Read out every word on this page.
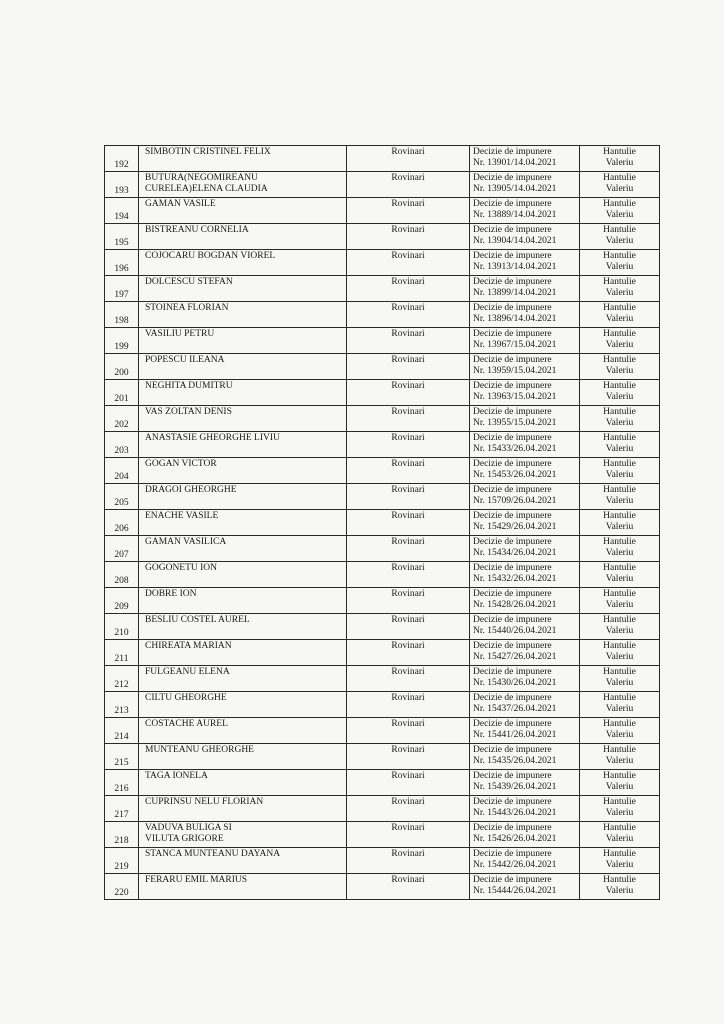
192	SIMBOTIN CRISTINEL FELIX	Rovinari	Decizie de impunere
Nr. 13901/14.04.2021	Hantulie
Valeriu

193	BUTURA(NEGOMIREANU
CURELEA)ELENA CLAUDIA	Rovinari	Decizie de impunere
Nr. 13905/14.04.2021	Hantulie
Valeriu

194	GAMAN VASILE	Rovinari	Decizie de impunere
Nr. 13889/14.04.2021	Hantulie
Valeriu

195	BISTREANU CORNELIA	Rovinari	Decizie de impunere
Nr. 13904/14.04.2021	Hantulie
Valeriu

196	COJOCARU BOGDAN VIOREL	Rovinari	Decizie de impunere
Nr. 13913/14.04.2021	Hantulie
Valeriu

197	DOLCESCU STEFAN	Rovinari	Decizie de impunere
Nr. 13899/14.04.2021	Hantulie
Valeriu

198	STOINEA FLORIAN	Rovinari	Decizie de impunere
Nr. 13896/14.04.2021	Hantulie
Valeriu

199	VASILIU PETRU	Rovinari	Decizie de impunere
Nr. 13967/15.04.2021	Hantulie
Valeriu

200	POPESCU ILEANA	Rovinari	Decizie de impunere
Nr. 13959/15.04.2021	Hantulie
Valeriu

201	NEGHITA DUMITRU	Rovinari	Decizie de impunere
Nr. 13963/15.04.2021	Hantulie
Valeriu

202	VAS ZOLTAN DENIS	Rovinari	Decizie de impunere
Nr. 13955/15.04.2021	Hantulie
Valeriu

203	ANASTASIE GHEORGHE LIVIU	Rovinari	Decizie de impunere
Nr. 15433/26.04.2021	Hantulie
Valeriu

204	GOGAN VICTOR	Rovinari	Decizie de impunere
Nr. 15453/26.04.2021	Hantulie
Valeriu

205	DRAGOI GHEORGHE	Rovinari	Decizie de impunere
Nr. 15709/26.04.2021	Hantulie
Valeriu

206	ENACHE VASILE	Rovinari	Decizie de impunere
Nr. 15429/26.04.2021	Hantulie
Valeriu

207	GAMAN VASILICA	Rovinari	Decizie de impunere
Nr. 15434/26.04.2021	Hantulie
Valeriu

208	GOGONETU ION	Rovinari	Decizie de impunere
Nr. 15432/26.04.2021	Hantulie
Valeriu

209	DOBRE ION	Rovinari	Decizie de impunere
Nr. 15428/26.04.2021	Hantulie
Valeriu

210	BESLIU COSTEL AUREL	Rovinari	Decizie de impunere
Nr. 15440/26.04.2021	Hantulie
Valeriu

211	CHIREATA MARIAN	Rovinari	Decizie de impunere
Nr. 15427/26.04.2021	Hantulie
Valeriu

212	FULGEANU ELENA	Rovinari	Decizie de impunere
Nr. 15430/26.04.2021	Hantulie
Valeriu

213	CILTU GHEORGHE	Rovinari	Decizie de impunere
Nr. 15437/26.04.2021	Hantulie
Valeriu

214	COSTACHE AUREL	Rovinari	Decizie de impunere
Nr. 15441/26.04.2021	Hantulie
Valeriu

215	MUNTEANU GHEORGHE	Rovinari	Decizie de impunere
Nr. 15435/26.04.2021	Hantulie
Valeriu

216	TAGA IONELA	Rovinari	Decizie de impunere
Nr. 15439/26.04.2021	Hantulie
Valeriu

217	CUPRINSU NELU FLORIAN	Rovinari	Decizie de impunere
Nr. 15443/26.04.2021	Hantulie
Valeriu

218	VADUVA BULIGA SI
VILUTA GRIGORE	Rovinari	Decizie de impunere
Nr. 15426/26.04.2021	Hantulie
Valeriu

219	STANCA MUNTEANU DAYANA	Rovinari	Decizie de impunere
Nr. 15442/26.04.2021	Hantulie
Valeriu

220	FERARU EMIL MARIUS	Rovinari	Decizie de impunere
Nr. 15444/26.04.2021	Hantulie
Valeriu
